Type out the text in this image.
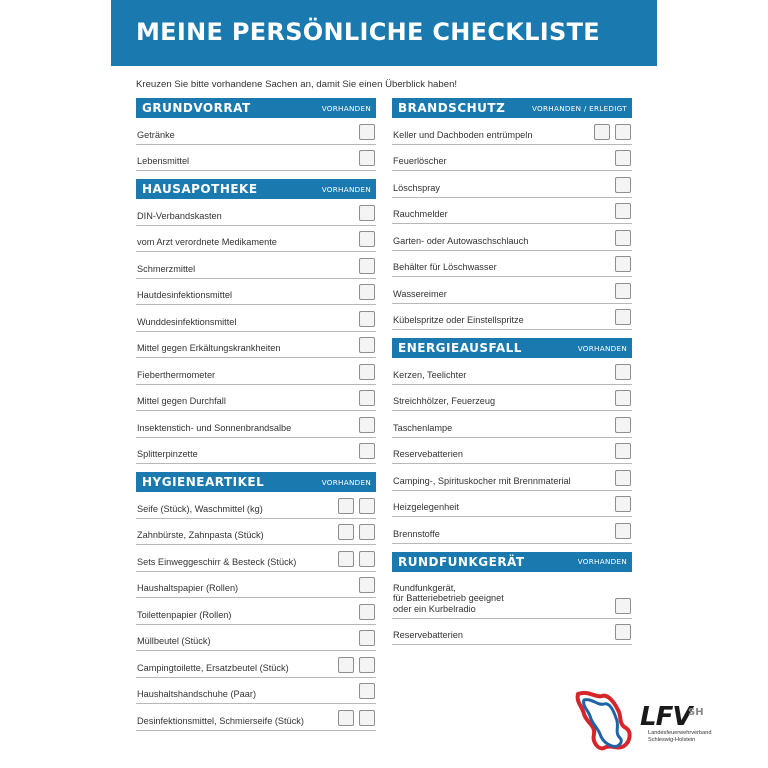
MEINE PERSÖNLICHE CHECKLISTE
Kreuzen Sie bitte vorhandene Sachen an, damit Sie einen Überblick haben!
GRUNDVORRAT	VORHANDEN
Getränke
Lebensmittel
HAUSAPOTHEKE	VORHANDEN
DIN-Verbandskasten
vom Arzt verordnete Medikamente
Schmerzmittel
Hautdesinfektionsmittel
Wunddesinfektionsmittel
Mittel gegen Erkältungskrankheiten
Fieberthermometer
Mittel gegen Durchfall
Insektenstich- und Sonnenbrandsalbe
Splitterpinzette
HYGIENEARTIKEL	VORHANDEN
Seife (Stück), Waschmittel (kg)
Zahnbürste, Zahnpasta (Stück)
Sets Einweggeschirr & Besteck (Stück)
Haushaltspapier (Rollen)
Toilettenpapier (Rollen)
Müllbeutel (Stück)
Campingtoilette, Ersatzbeutel (Stück)
Haushaltshandschuhe (Paar)
Desinfektionsmittel, Schmierseife (Stück)
BRANDSCHUTZ	VORHANDEN / ERLEDIGT
Keller und Dachboden entrümpeln
Feuerlöscher
Löschspray
Rauchmelder
Garten- oder Autowaschschlauch
Behälter für Löschwasser
Wassereimer
Kübelspritze oder Einstellspritze
ENERGIEAUSFALL	VORHANDEN
Kerzen, Teelichter
Streichhölzer, Feuerzeug
Taschenlampe
Reservebatterien
Camping-, Spirituskocher mit Brennmaterial
Heizgelegenheit
Brennstoffe
RUNDFUNKGERÄT	VORHANDEN
Rundfunkgerät,
für Batteriebetrieb geeignet
oder ein Kurbelradio
Reservebatterien
LFV
SH
Landesfeuerwehrverband
Schleswig-Holstein
